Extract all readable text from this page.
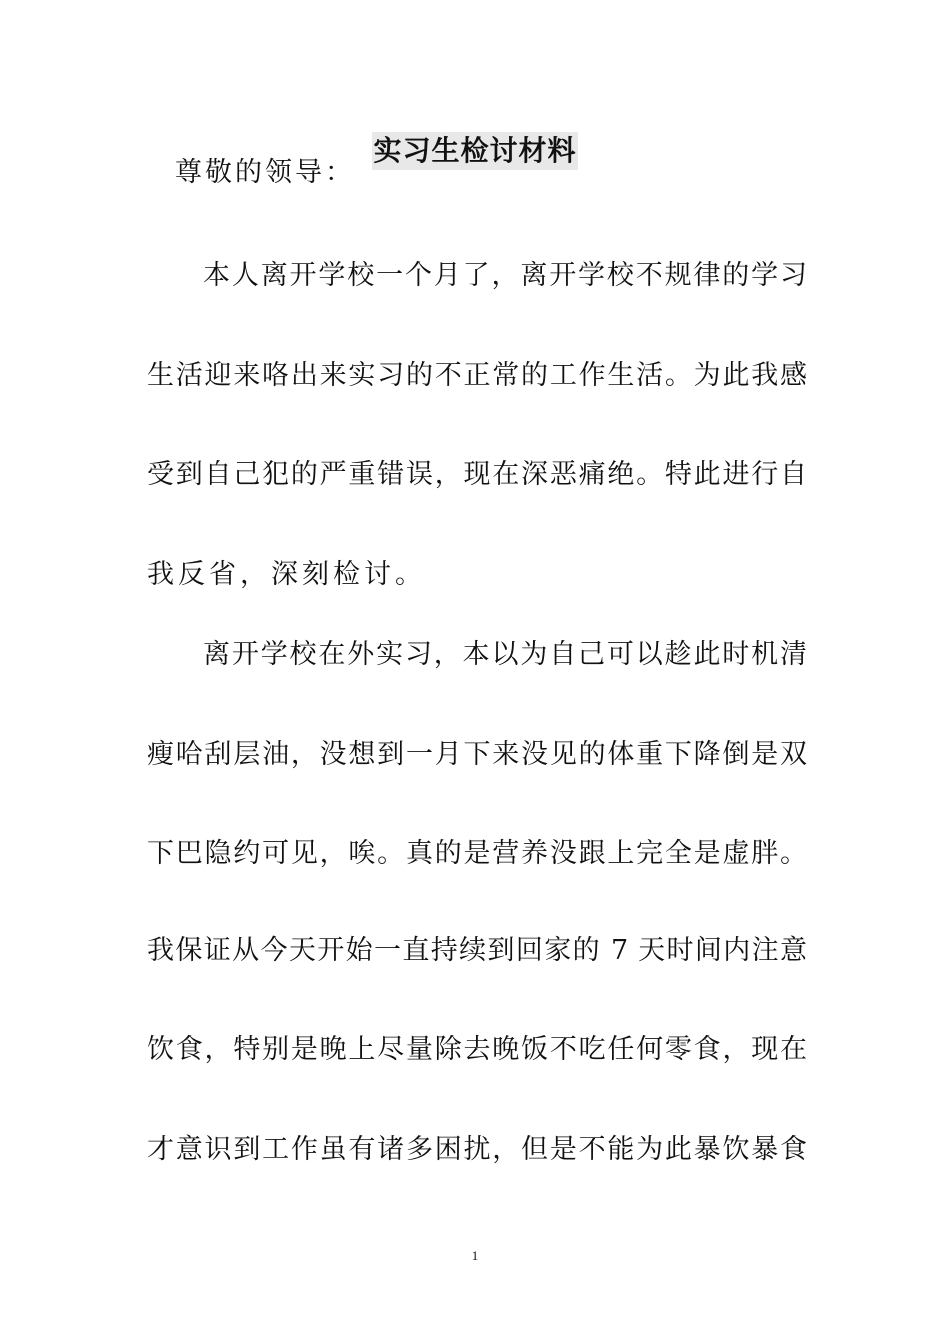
实习生检讨材料

尊敬的领导：

本人离开学校一个月了，离开学校不规律的学习

生活迎来咯出来实习的不正常的工作生活。为此我感

受到自己犯的严重错误，现在深恶痛绝。特此进行自

我反省，深刻检讨。

离开学校在外实习，本以为自己可以趁此时机清

瘦哈刮层油，没想到一月下来没见的体重下降倒是双

下巴隐约可见，唉。真的是营养没跟上完全是虚胖。

我保证从今天开始一直持续到回家的 7 天时间内注意

饮食，特别是晚上尽量除去晚饭不吃任何零食，现在

才意识到工作虽有诸多困扰，但是不能为此暴饮暴食

1
